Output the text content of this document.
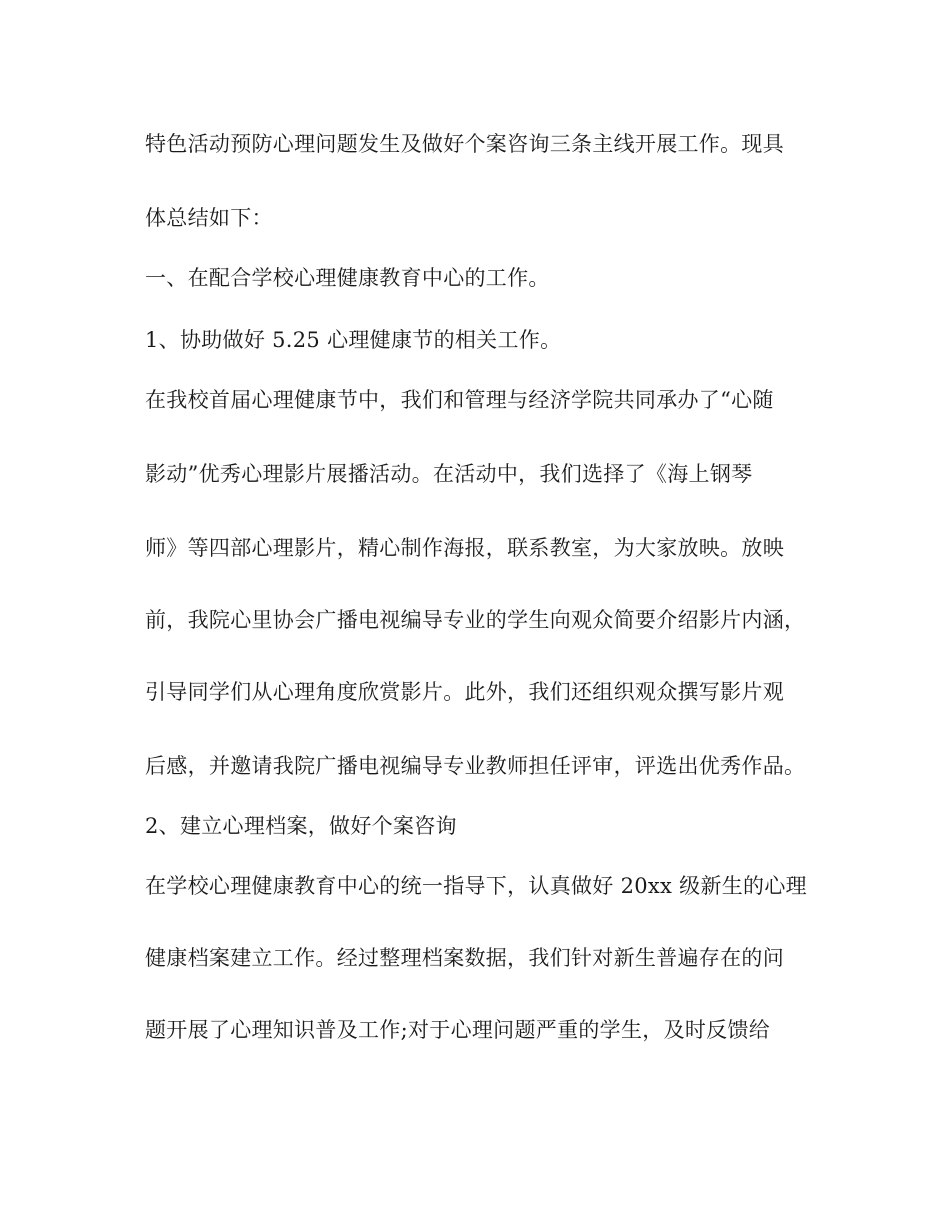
特色活动预防心理问题发生及做好个案咨询三条主线开展工作。现具
体总结如下：
一、在配合学校心理健康教育中心的工作。
1、协助做好 5.25 心理健康节的相关工作。
在我校首届心理健康节中，我们和管理与经济学院共同承办了“心随
影动”优秀心理影片展播活动。在活动中，我们选择了《海上钢琴
师》等四部心理影片，精心制作海报，联系教室，为大家放映。放映
前，我院心里协会广播电视编导专业的学生向观众简要介绍影片内涵，
引导同学们从心理角度欣赏影片。此外，我们还组织观众撰写影片观
后感，并邀请我院广播电视编导专业教师担任评审，评选出优秀作品。
2、建立心理档案，做好个案咨询
在学校心理健康教育中心的统一指导下，认真做好 20xx 级新生的心理
健康档案建立工作。经过整理档案数据，我们针对新生普遍存在的问
题开展了心理知识普及工作;对于心理问题严重的学生，及时反馈给
